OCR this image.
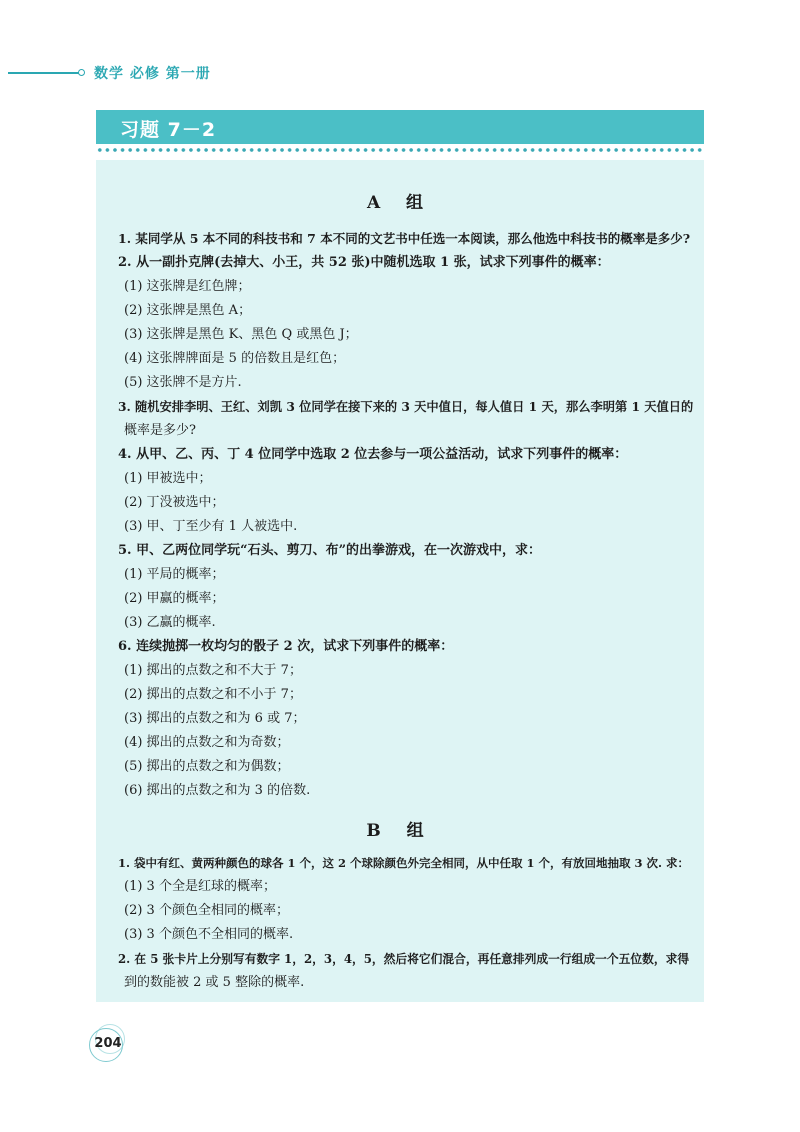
数学 必修 第一册
习题 7－2
A 组
1. 某同学从 5 本不同的科技书和 7 本不同的文艺书中任选一本阅读，那么他选中科技书的概率是多少?
2. 从一副扑克牌(去掉大、小王，共 52 张)中随机选取 1 张，试求下列事件的概率：
(1) 这张牌是红色牌；
(2) 这张牌是黑色 A；
(3) 这张牌是黑色 K、黑色 Q 或黑色 J；
(4) 这张牌牌面是 5 的倍数且是红色；
(5) 这张牌不是方片.
3. 随机安排李明、王红、刘凯 3 位同学在接下来的 3 天中值日，每人值日 1 天，那么李明第 1 天值日的
概率是多少?
4. 从甲、乙、丙、丁 4 位同学中选取 2 位去参与一项公益活动，试求下列事件的概率：
(1) 甲被选中；
(2) 丁没被选中；
(3) 甲、丁至少有 1 人被选中.
5. 甲、乙两位同学玩“石头、剪刀、布”的出拳游戏，在一次游戏中，求：
(1) 平局的概率；
(2) 甲赢的概率；
(3) 乙赢的概率.
6. 连续抛掷一枚均匀的骰子 2 次，试求下列事件的概率：
(1) 掷出的点数之和不大于 7；
(2) 掷出的点数之和不小于 7；
(3) 掷出的点数之和为 6 或 7；
(4) 掷出的点数之和为奇数；
(5) 掷出的点数之和为偶数；
(6) 掷出的点数之和为 3 的倍数.
B 组
1. 袋中有红、黄两种颜色的球各 1 个，这 2 个球除颜色外完全相同，从中任取 1 个，有放回地抽取 3 次. 求：
(1) 3 个全是红球的概率；
(2) 3 个颜色全相同的概率；
(3) 3 个颜色不全相同的概率.
2. 在 5 张卡片上分别写有数字 1，2，3，4，5，然后将它们混合，再任意排列成一行组成一个五位数，求得
到的数能被 2 或 5 整除的概率.
204
